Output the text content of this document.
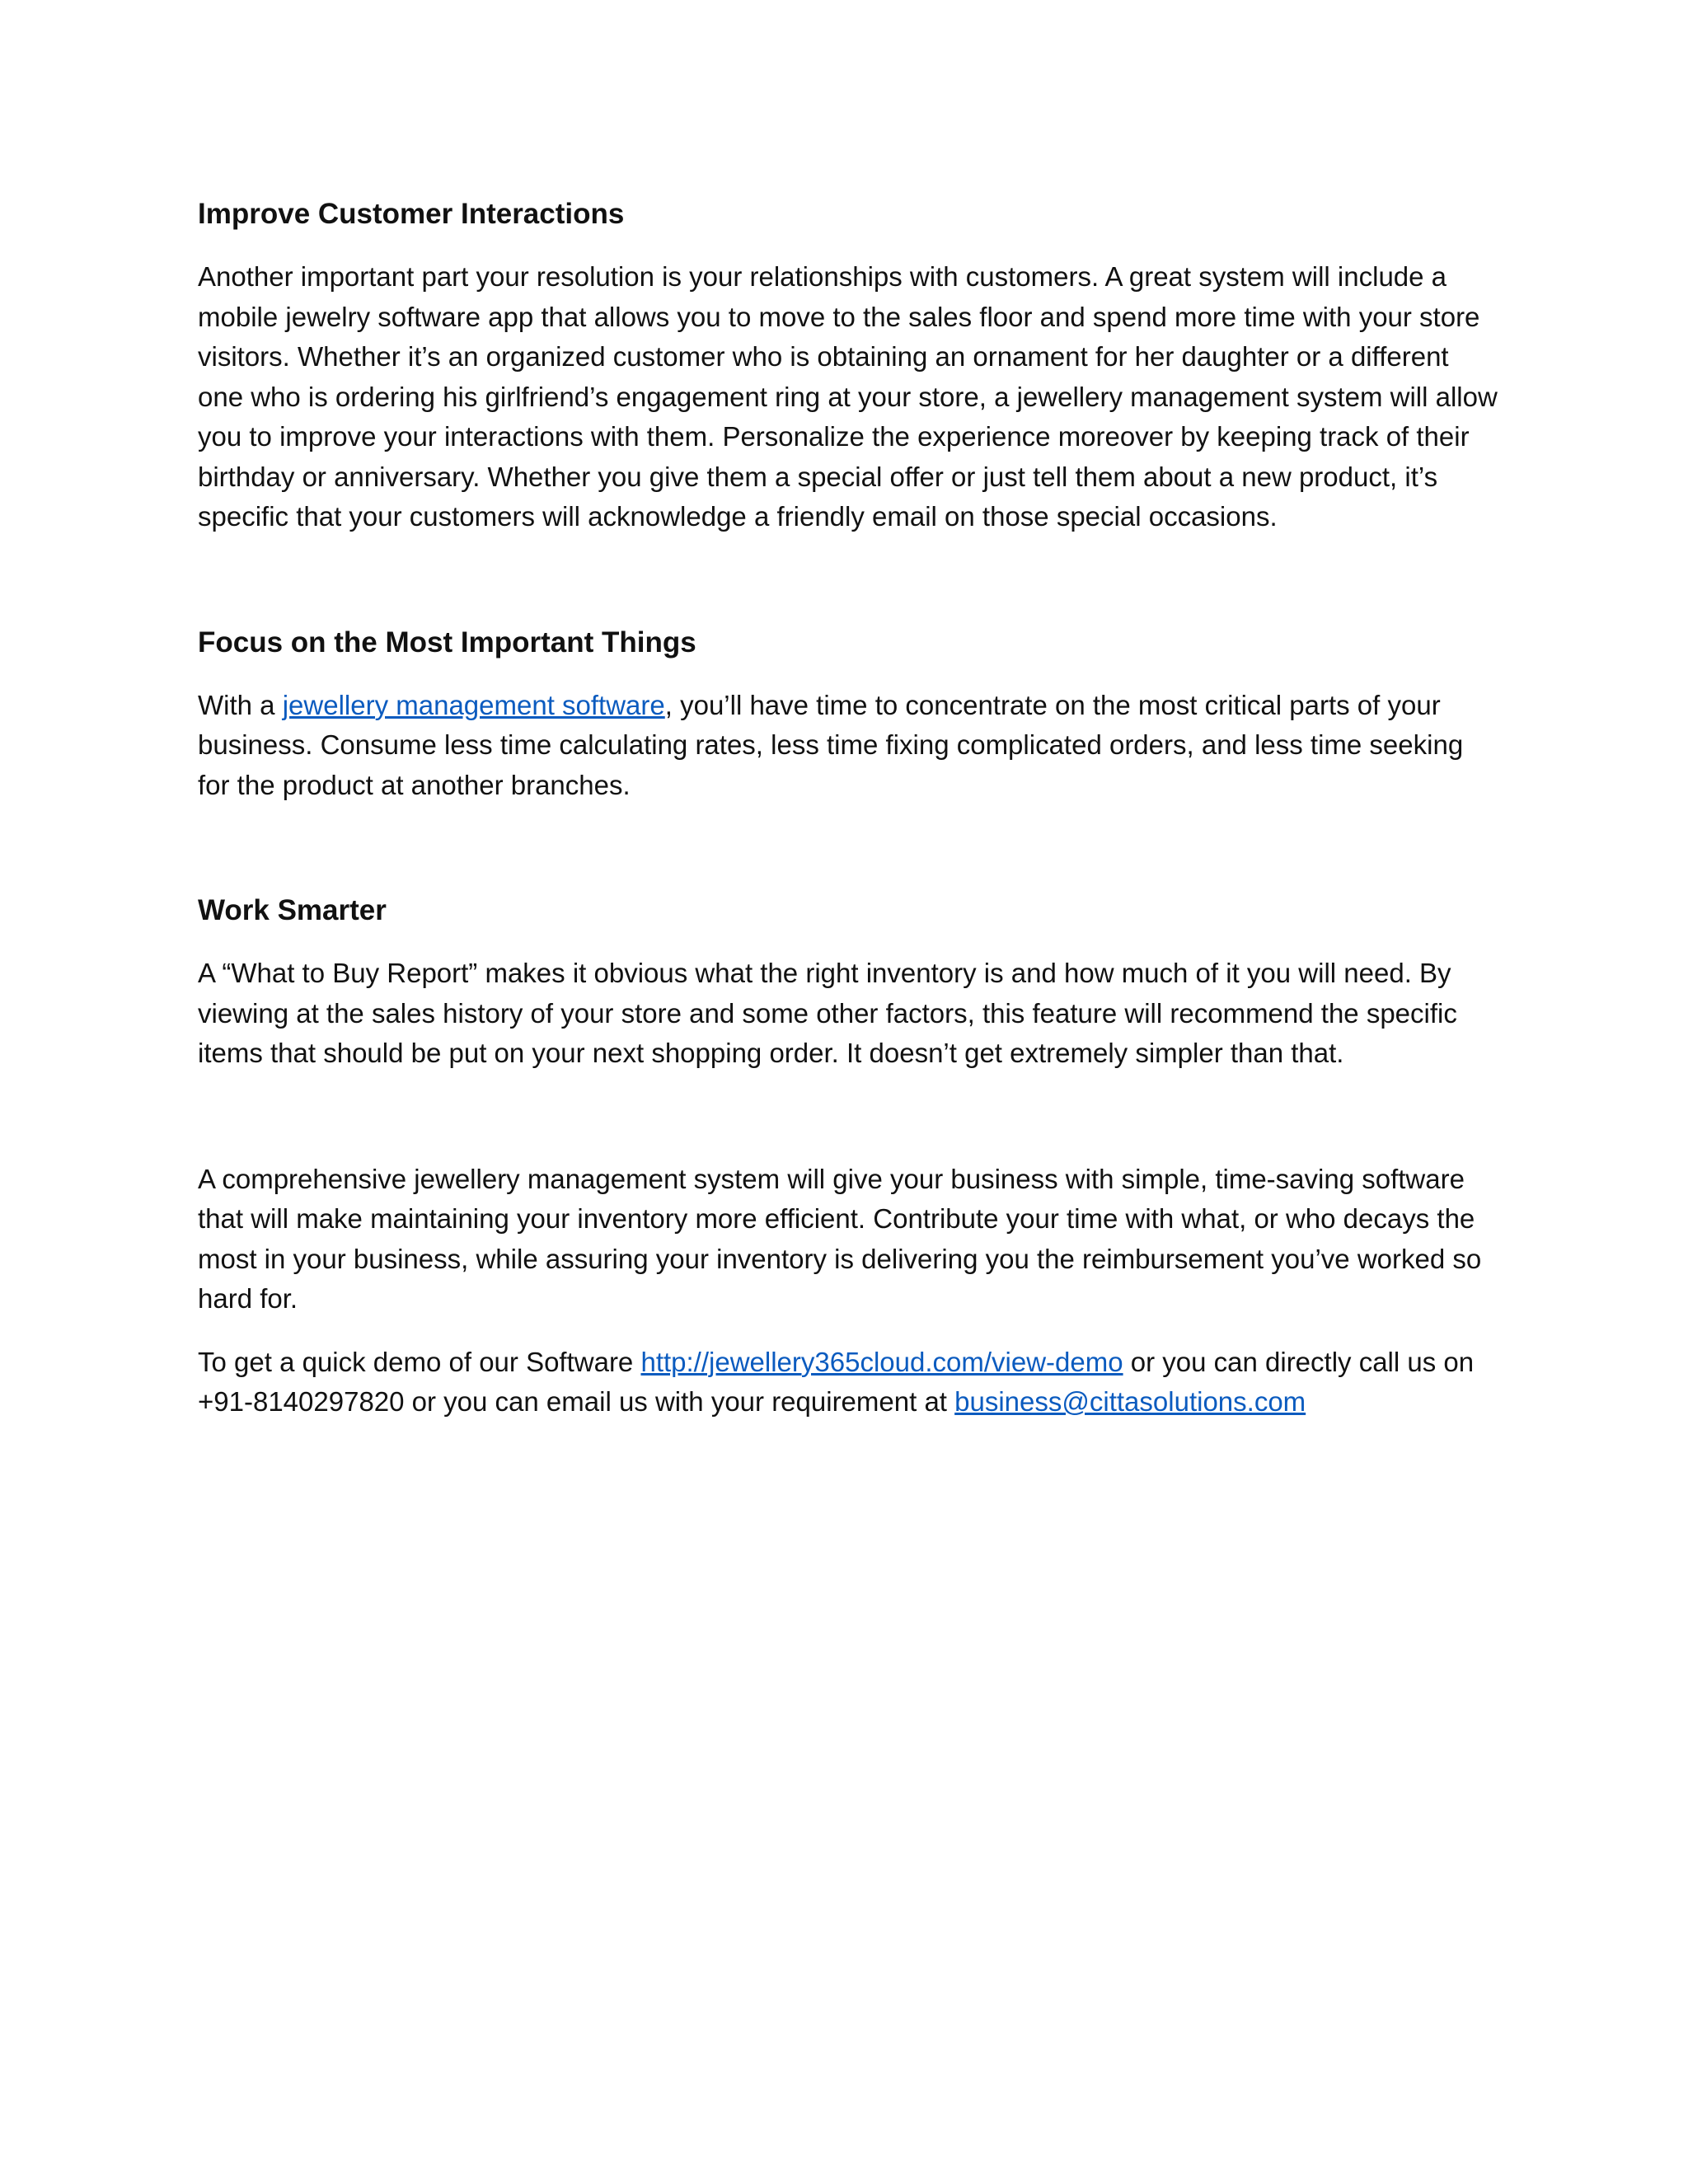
Improve Customer Interactions

Another important part your resolution is your relationships with customers. A great system will include a mobile jewelry software app that allows you to move to the sales floor and spend more time with your store visitors. Whether it’s an organized customer who is obtaining an ornament for her daughter or a different one who is ordering his girlfriend’s engagement ring at your store, a jewellery management system will allow you to improve your interactions with them. Personalize the experience moreover by keeping track of their birthday or anniversary. Whether you give them a special offer or just tell them about a new product, it’s specific that your customers will acknowledge a friendly email on those special occasions.

Focus on the Most Important Things

With a jewellery management software, you’ll have time to concentrate on the most critical parts of your business. Consume less time calculating rates, less time fixing complicated orders, and less time seeking for the product at another branches.

Work Smarter

A “What to Buy Report” makes it obvious what the right inventory is and how much of it you will need. By viewing at the sales history of your store and some other factors, this feature will recommend the specific items that should be put on your next shopping order. It doesn’t get extremely simpler than that.

A comprehensive jewellery management system will give your business with simple, time-saving software that will make maintaining your inventory more efficient. Contribute your time with what, or who decays the most in your business, while assuring your inventory is delivering you the reimbursement you’ve worked so hard for.

To get a quick demo of our Software http://jewellery365cloud.com/view-demo or you can directly call us on +91-8140297820 or you can email us with your requirement at business@cittasolutions.com
